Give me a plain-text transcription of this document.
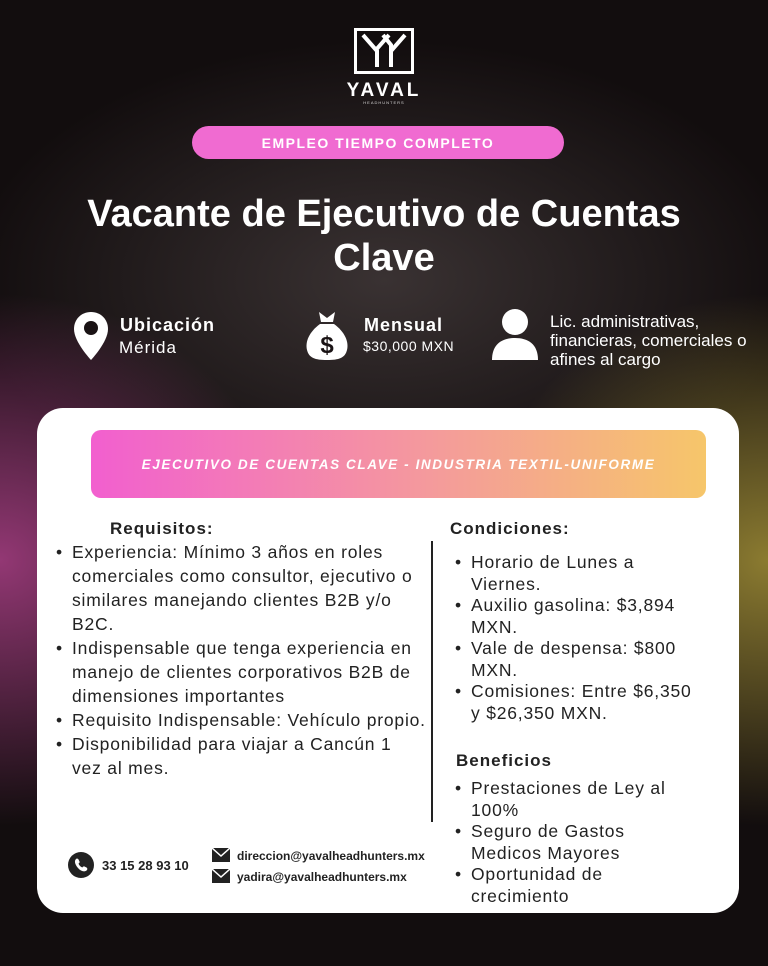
YAVAL
HEADHUNTERS
EMPLEO TIEMPO COMPLETO
Vacante de Ejecutivo de Cuentas Clave
Ubicación
Mérida	$
Mensual
$30,000 MXN
Lic. administrativas, financieras, comerciales o afines al cargo
EJECUTIVO DE CUENTAS CLAVE - INDUSTRIA TEXTIL-UNIFORME
Requisitos:
• Experiencia: Mínimo 3 años en roles comerciales como consultor, ejecutivo o similares manejando clientes B2B y/o B2C.
• Indispensable que tenga experiencia en manejo de clientes corporativos B2B de dimensiones importantes
• Requisito Indispensable: Vehículo propio.
• Disponibilidad para viajar a Cancún 1 vez al mes.
Condiciones:
• Horario de Lunes a Viernes.
• Auxilio gasolina: $3,894 MXN.
• Vale de despensa: $800 MXN.
• Comisiones: Entre $6,350 y $26,350 MXN.
Beneficios
• Prestaciones de Ley al 100%
• Seguro de Gastos Medicos Mayores
• Oportunidad de crecimiento
33 15 28 93 10
direccion@yavalheadhunters.mx
yadira@yavalheadhunters.mx
